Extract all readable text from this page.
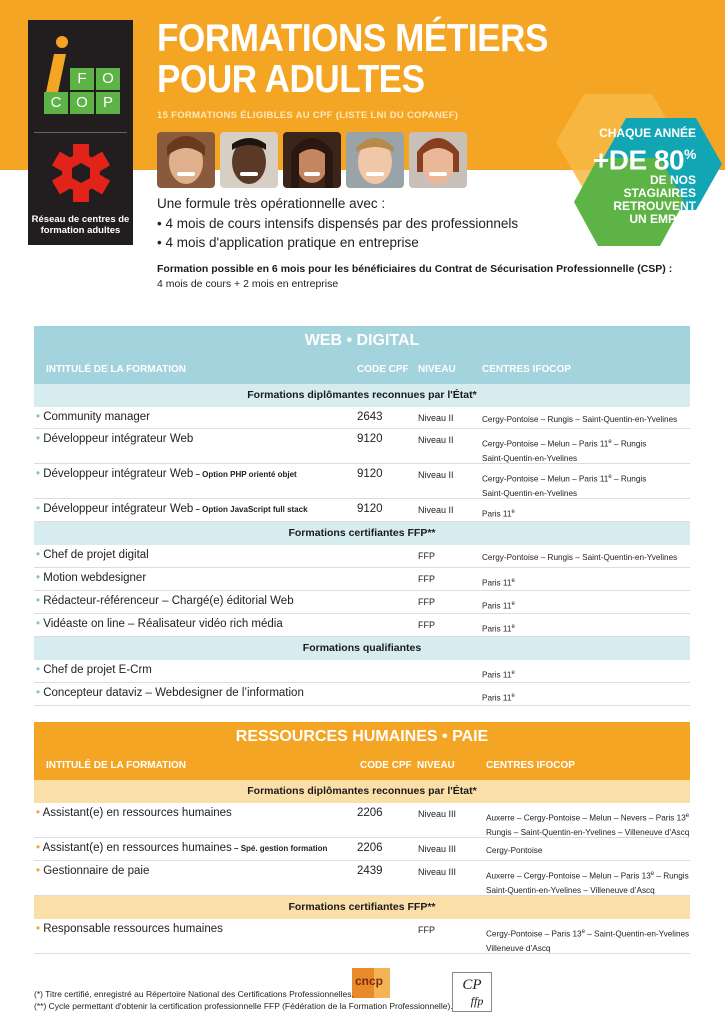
F	O
C O	P
Réseau de centres de formation adultes
FORMATIONS MÉTIERS
POUR ADULTES
15 FORMATIONS ÉLIGIBLES AU CPF (LISTE LNI DU COPANEF)
CHAQUE ANNÉE
+DE 80%
DE NOS
STAGIAIRES
RETROUVENT
UN EMPLOI
Une formule très opérationnelle avec :
• 4 mois de cours intensifs dispensés par des professionnels
• 4 mois d'application pratique en entreprise
Formation possible en 6 mois pour les bénéficiaires du Contrat de Sécurisation Professionnelle (CSP) :
4 mois de cours + 2 mois en entreprise
WEB • DIGITAL
INTITULÉ DE LA FORMATION	CODE CPF NIVEAU	CENTRES IFOCOP
Formations diplômantes reconnues par l'État*
• Community manager	2643	Niveau II	Cergy-Pontoise – Rungis – Saint-Quentin-en-Yvelines
• Développeur intégrateur Web	9120	Niveau II	Cergy-Pontoise – Melun – Paris 11e – Rungis
Saint-Quentin-en-Yvelines
• Développeur intégrateur Web – Option PHP orienté objet	9120	Niveau II	Cergy-Pontoise – Melun – Paris 11e – Rungis
Saint-Quentin-en-Yvelines
• Développeur intégrateur Web – Option JavaScript full stack	9120	Niveau II	Paris 11e
Formations certifiantes FFP**
• Chef de projet digital	FFP	Cergy-Pontoise – Rungis – Saint-Quentin-en-Yvelines
• Motion webdesigner	FFP	Paris 11e
• Rédacteur-référenceur – Chargé(e) éditorial Web	FFP	Paris 11e
• Vidéaste on line – Réalisateur vidéo rich média	FFP	Paris 11e
Formations qualifiantes
• Chef de projet E-Crm	Paris 11e
• Concepteur dataviz – Webdesigner de l’information	Paris 11e
RESSOURCES HUMAINES • PAIE
INTITULÉ DE LA FORMATION	CODE CPF NIVEAU	CENTRES IFOCOP
Formations diplômantes reconnues par l'État*
• Assistant(e) en ressources humaines	2206	Niveau III	Auxerre – Cergy-Pontoise – Melun – Nevers – Paris 13e
Rungis – Saint-Quentin-en-Yvelines – Villeneuve d’Ascq
• Assistant(e) en ressources humaines – Spé. gestion formation	2206	Niveau III	Cergy-Pontoise
• Gestionnaire de paie	2439	Niveau III	Auxerre – Cergy-Pontoise – Melun – Paris 13e – Rungis
Saint-Quentin-en-Yvelines – Villeneuve d’Ascq
Formations certifiantes FFP**
• Responsable ressources humaines	FFP	Cergy-Pontoise – Paris 13e – Saint-Quentin-en-Yvelines
Villeneuve d’Ascq
cncp	CP
ffp
(*) Titre certifié, enregistré au Répertoire National des Certifications Professionnelles.
(**) Cycle permettant d'obtenir la certification professionnelle FFP (Fédération de la Formation Professionnelle).
